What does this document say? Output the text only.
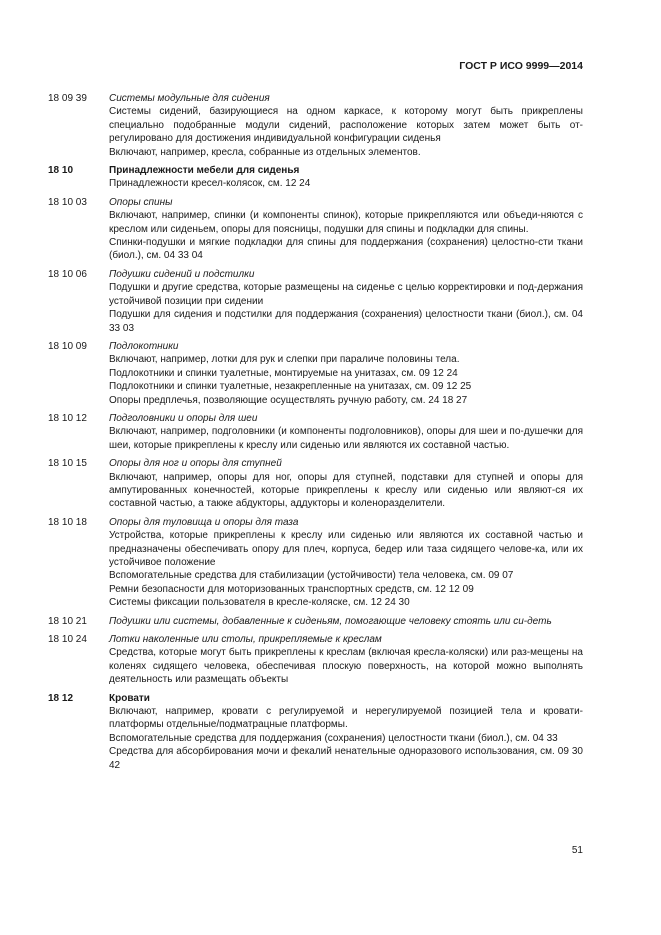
ГОСТ Р ИСО 9999—2014
18 09 39	Системы модульные для сидения
Системы сидений, базирующиеся на одном каркасе, к которому могут быть прикреплены специально подобранные модули сидений, расположение которых затем может быть от-регулировано для достижения индивидуальной конфигурации сиденья
Включают, например, кресла, собранные из отдельных элементов.
18 10	Принадлежности мебели для сиденья
Принадлежности кресел-колясок, см. 12 24
18 10 03	Опоры спины
Включают, например, спинки (и компоненты спинок), которые прикрепляются или объеди-няются с креслом или сиденьем, опоры для поясницы, подушки для спины и подкладки для спины.
Спинки-подушки и мягкие подкладки для спины для поддержания (сохранения) целостно-сти ткани (биол.), см. 04 33 04
18 10 06	Подушки сидений и подстилки
Подушки и другие средства, которые размещены на сиденье с целью корректировки и под-держания устойчивой позиции при сидении
Подушки для сидения и подстилки для поддержания (сохранения) целостности ткани (биол.), см. 04 33 03
18 10 09	Подлокотники
Включают, например, лотки для рук и слепки при параличе половины тела.
Подлокотники и спинки туалетные, монтируемые на унитазах, см. 09 12 24
Подлокотники и спинки туалетные, незакрепленные на унитазах, см. 09 12 25
Опоры предплечья, позволяющие осуществлять ручную работу, см. 24 18 27
18 10 12	Подголовники и опоры для шеи
Включают, например, подголовники (и компоненты подголовников), опоры для шеи и по-душечки для шеи, которые прикреплены к креслу или сиденью или являются их составной частью.
18 10 15	Опоры для ног и опоры для ступней
Включают, например, опоры для ног, опоры для ступней, подставки для ступней и опоры для ампутированных конечностей, которые прикреплены к креслу или сиденью или являют-ся их составной частью, а также абдукторы, аддукторы и коленоразделители.
18 10 18	Опоры для туловища и опоры для таза
Устройства, которые прикреплены к креслу или сиденью или являются их составной частью и предназначены обеспечивать опору для плеч, корпуса, бедер или таза сидящего челове-ка, или их устойчивое положение
Вспомогательные средства для стабилизации (устойчивости) тела человека, см. 09 07
Ремни безопасности для моторизованных транспортных средств, см. 12 12 09
Системы фиксации пользователя в кресле-коляске, см. 12 24 30
18 10 21	Подушки или системы, добавленные к сиденьям, помогающие человеку стоять или си-деть
18 10 24	Лотки наколенные или столы, прикрепляемые к креслам
Средства, которые могут быть прикреплены к креслам (включая кресла-коляски) или раз-мещены на коленях сидящего человека, обеспечивая плоскую поверхность, на которой можно выполнять деятельность или размещать объекты
18 12	Кровати
Включают, например, кровати с регулируемой и нерегулируемой позицией тела и кровати-платформы отдельные/подматрацные платформы.
Вспомогательные средства для поддержания (сохранения) целостности ткани (биол.), см. 04 33
Средства для абсорбирования мочи и фекалий ненательные одноразового использования, см. 09 30 42
51
